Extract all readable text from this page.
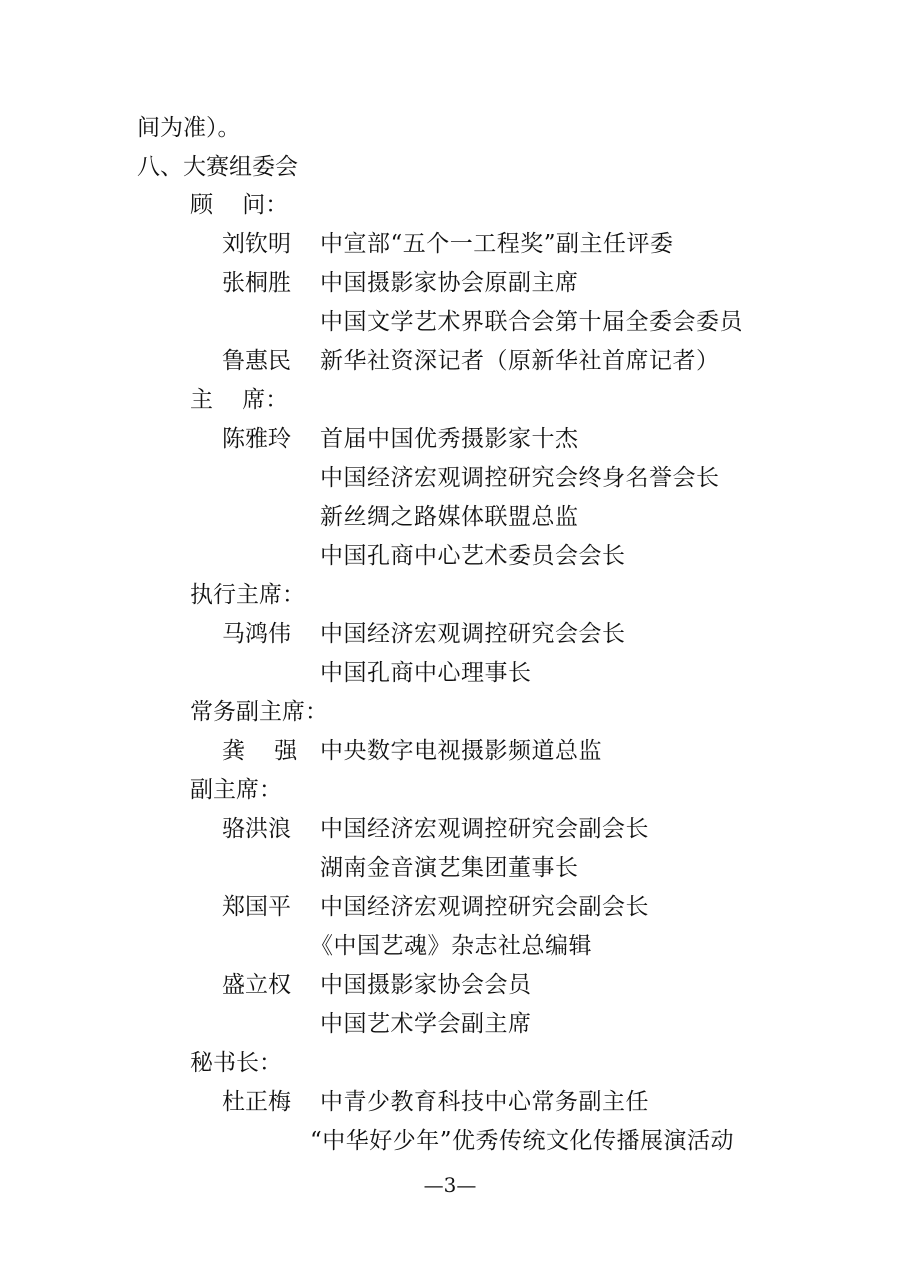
间为准）。
八、大赛组委会
顾    问：
刘钦明 中宣部“五个一工程奖”副主任评委
张桐胜 中国摄影家协会原副主席
中国文学艺术界联合会第十届全委会委员
鲁惠民 新华社资深记者（原新华社首席记者）
主    席：
陈雅玲 首届中国优秀摄影家十杰
中国经济宏观调控研究会终身名誉会长
新丝绸之路媒体联盟总监
中国孔商中心艺术委员会会长
执行主席：
马鸿伟 中国经济宏观调控研究会会长
中国孔商中心理事长
常务副主席：
龚    强 中央数字电视摄影频道总监
副主席：
骆洪浪 中国经济宏观调控研究会副会长
湖南金音演艺集团董事长
郑国平 中国经济宏观调控研究会副会长
《中国艺魂》杂志社总编辑
盛立权 中国摄影家协会会员
中国艺术学会副主席
秘书长：
杜正梅 中青少教育科技中心常务副主任
“中华好少年”优秀传统文化传播展演活动
—3—
